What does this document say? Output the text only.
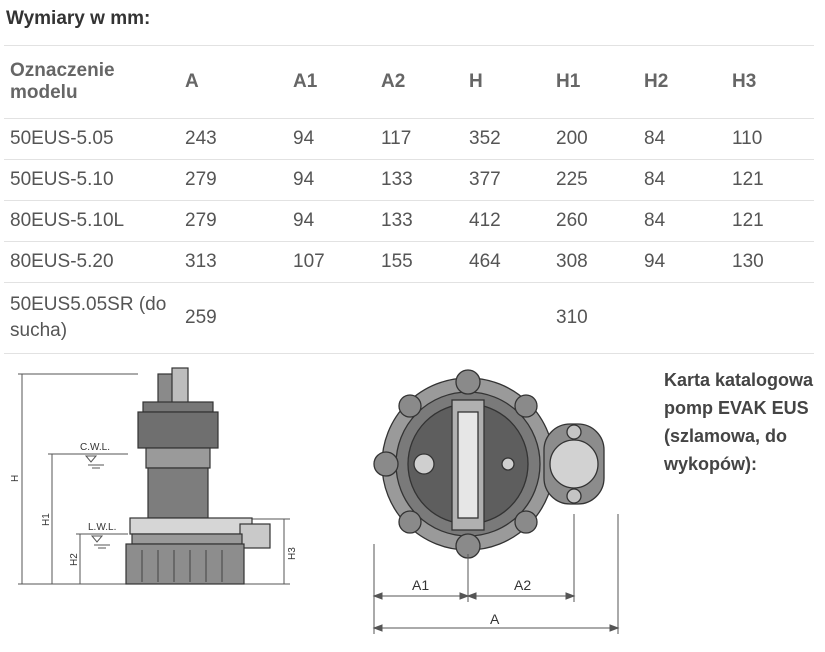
Wymiary w mm:
Oznaczenie modelu	A	A1	A2	H	H1	H2	H3
50EUS-5.05	243	94	117	352	200	84	110
50EUS-5.10	279	94	133	377	225	84	121
80EUS-5.10L	279	94	133	412	260	84	121
80EUS-5.20	313	107	155	464	308	94	130
50EUS5.05SR (do sucha)	259				310		
C.W.L.
L.W.L.
H
H1
H2	H3
A1	A2
A
Karta katalogowa pomp EVAK EUS (szlamowa, do wykopów):
